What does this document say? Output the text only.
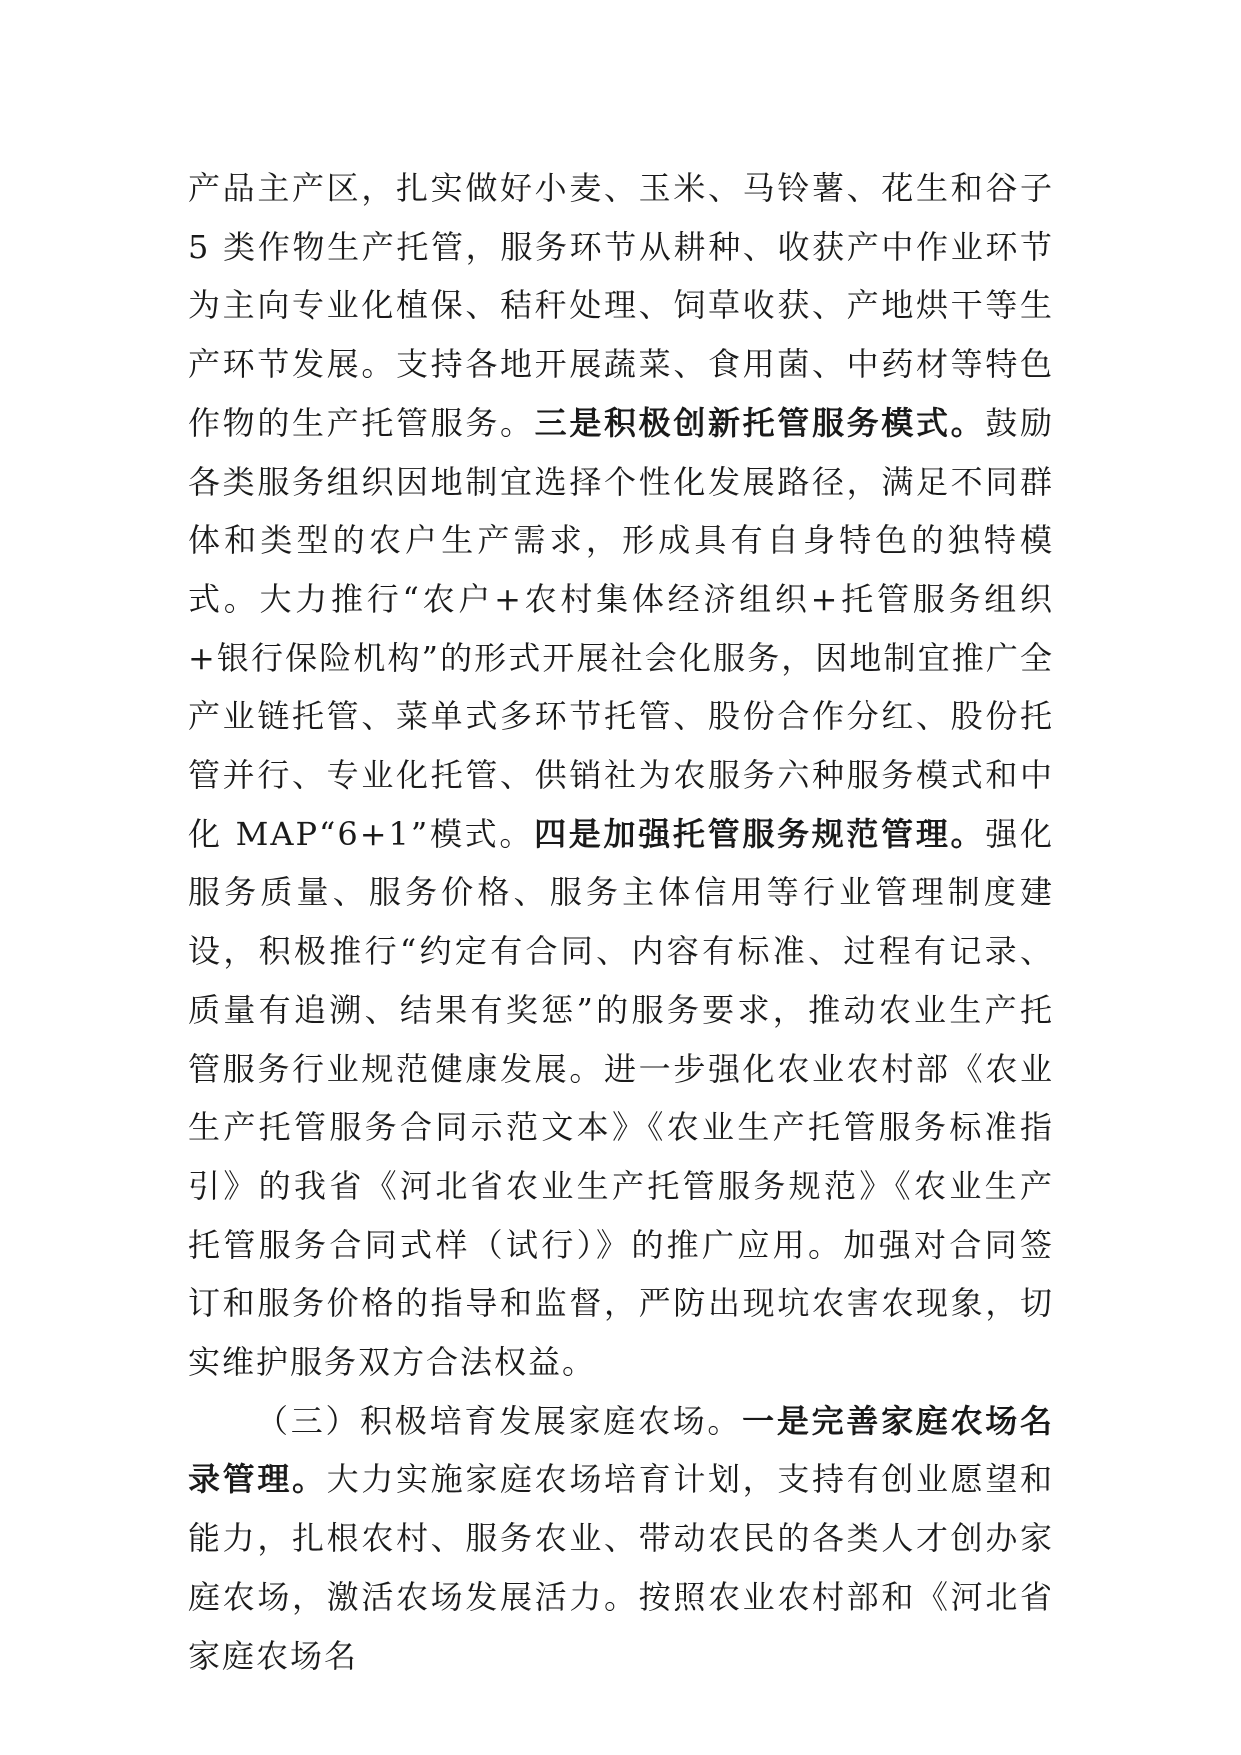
产品主产区，扎实做好小麦、玉米、马铃薯、花生和谷子 5 类作物生产托管，服务环节从耕种、收获产中作业环节为主向专业化植保、秸秆处理、饲草收获、产地烘干等生产环节发展。支持各地开展蔬菜、食用菌、中药材等特色作物的生产托管服务。三是积极创新托管服务模式。鼓励各类服务组织因地制宜选择个性化发展路径，满足不同群体和类型的农户生产需求，形成具有自身特色的独特模式。大力推行“农户+农村集体经济组织+托管服务组织+银行保险机构”的形式开展社会化服务，因地制宜推广全产业链托管、菜单式多环节托管、股份合作分红、股份托管并行、专业化托管、供销社为农服务六种服务模式和中化 MAP“6+1”模式。四是加强托管服务规范管理。强化服务质量、服务价格、服务主体信用等行业管理制度建设，积极推行“约定有合同、内容有标准、过程有记录、质量有追溯、结果有奖惩”的服务要求，推动农业生产托管服务行业规范健康发展。进一步强化农业农村部《农业生产托管服务合同示范文本》《农业生产托管服务标准指引》的我省《河北省农业生产托管服务规范》《农业生产托管服务合同式样（试行）》的推广应用。加强对合同签订和服务价格的指导和监督，严防出现坑农害农现象，切实维护服务双方合法权益。

（三）积极培育发展家庭农场。一是完善家庭农场名录管理。大力实施家庭农场培育计划，支持有创业愿望和能力，扎根农村、服务农业、带动农民的各类人才创办家庭农场，激活农场发展活力。按照农业农村部和《河北省家庭农场名
